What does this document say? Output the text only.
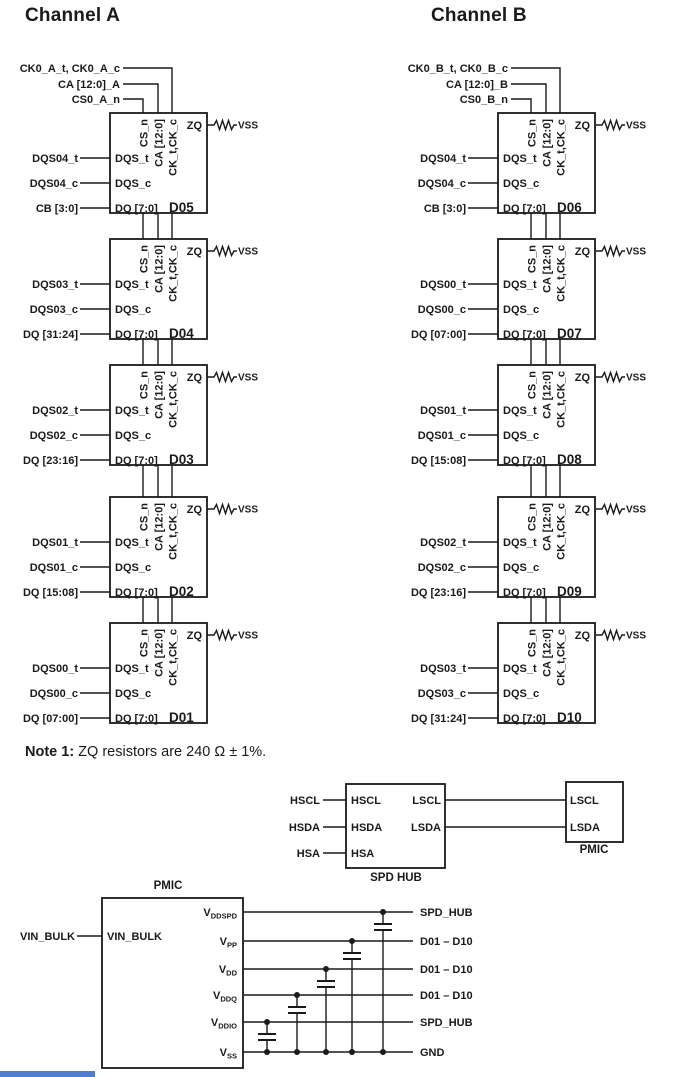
Channel A	Channel B
CK0_A_t, CK0_A_c
CA [12:0]_A
CS0_A_n
CS_n CA [12:0] CK_t,CK_c ZQ	VSS
DQS_t
DQS_c
DQ [7:0] D05
DQS04_t
DQS04_c
CB [3:0]
CS_n CA [12:0] CK_t,CK_c ZQ	VSS
DQS_t
DQS_c
DQ [7:0] D04
DQS03_t
DQS03_c
DQ [31:24]
CS_n CA [12:0] CK_t,CK_c ZQ	VSS
DQS_t
DQS_c
DQ [7:0] D03
DQS02_t
DQS02_c
DQ [23:16]
CS_n CA [12:0] CK_t,CK_c ZQ	VSS
DQS_t
DQS_c
DQ [7:0] D02
DQS01_t
DQS01_c
DQ [15:08]
CS_n CA [12:0] CK_t,CK_c ZQ	VSS
DQS_t
DQS_c
DQ [7:0] D01
DQS00_t
DQS00_c
DQ [07:00]
CK0_B_t, CK0_B_c
CA [12:0]_B
CS0_B_n
CS_n CA [12:0] CK_t,CK_c ZQ	VSS
DQS_t
DQS_c
DQ [7:0] D06
DQS04_t
DQS04_c
CB [3:0]
CS_n CA [12:0] CK_t,CK_c ZQ	VSS
DQS_t
DQS_c
DQ [7:0] D07
DQS00_t
DQS00_c
DQ [07:00]
CS_n CA [12:0] CK_t,CK_c ZQ	VSS
DQS_t
DQS_c
DQ [7:0] D08
DQS01_t
DQS01_c
DQ [15:08]
CS_n CA [12:0] CK_t,CK_c ZQ	VSS
DQS_t
DQS_c
DQ [7:0] D09
DQS02_t
DQS02_c
DQ [23:16]
CS_n CA [12:0] CK_t,CK_c ZQ	VSS
DQS_t
DQS_c
DQ [7:0] D10
DQS03_t
DQS03_c
DQ [31:24]
HSCL	HSCL
HSDA	HSDA
HSA	HSA
LSCL
LSDA
SPD HUB
LSCL
LSDA
PMIC
PMIC
VIN_BULK	VIN_BULK
$V_{DDSPD}$	SPD_HUB
$V_{PP}$	D01 – D10
$V_{DD}$	D01 – D10
$V_{DDQ}$	D01 – D10
$V_{DDIO}$	SPD_HUB
$V_{SS}$	GND
Note 1: ZQ resistors are 240 Ω ± 1%.
